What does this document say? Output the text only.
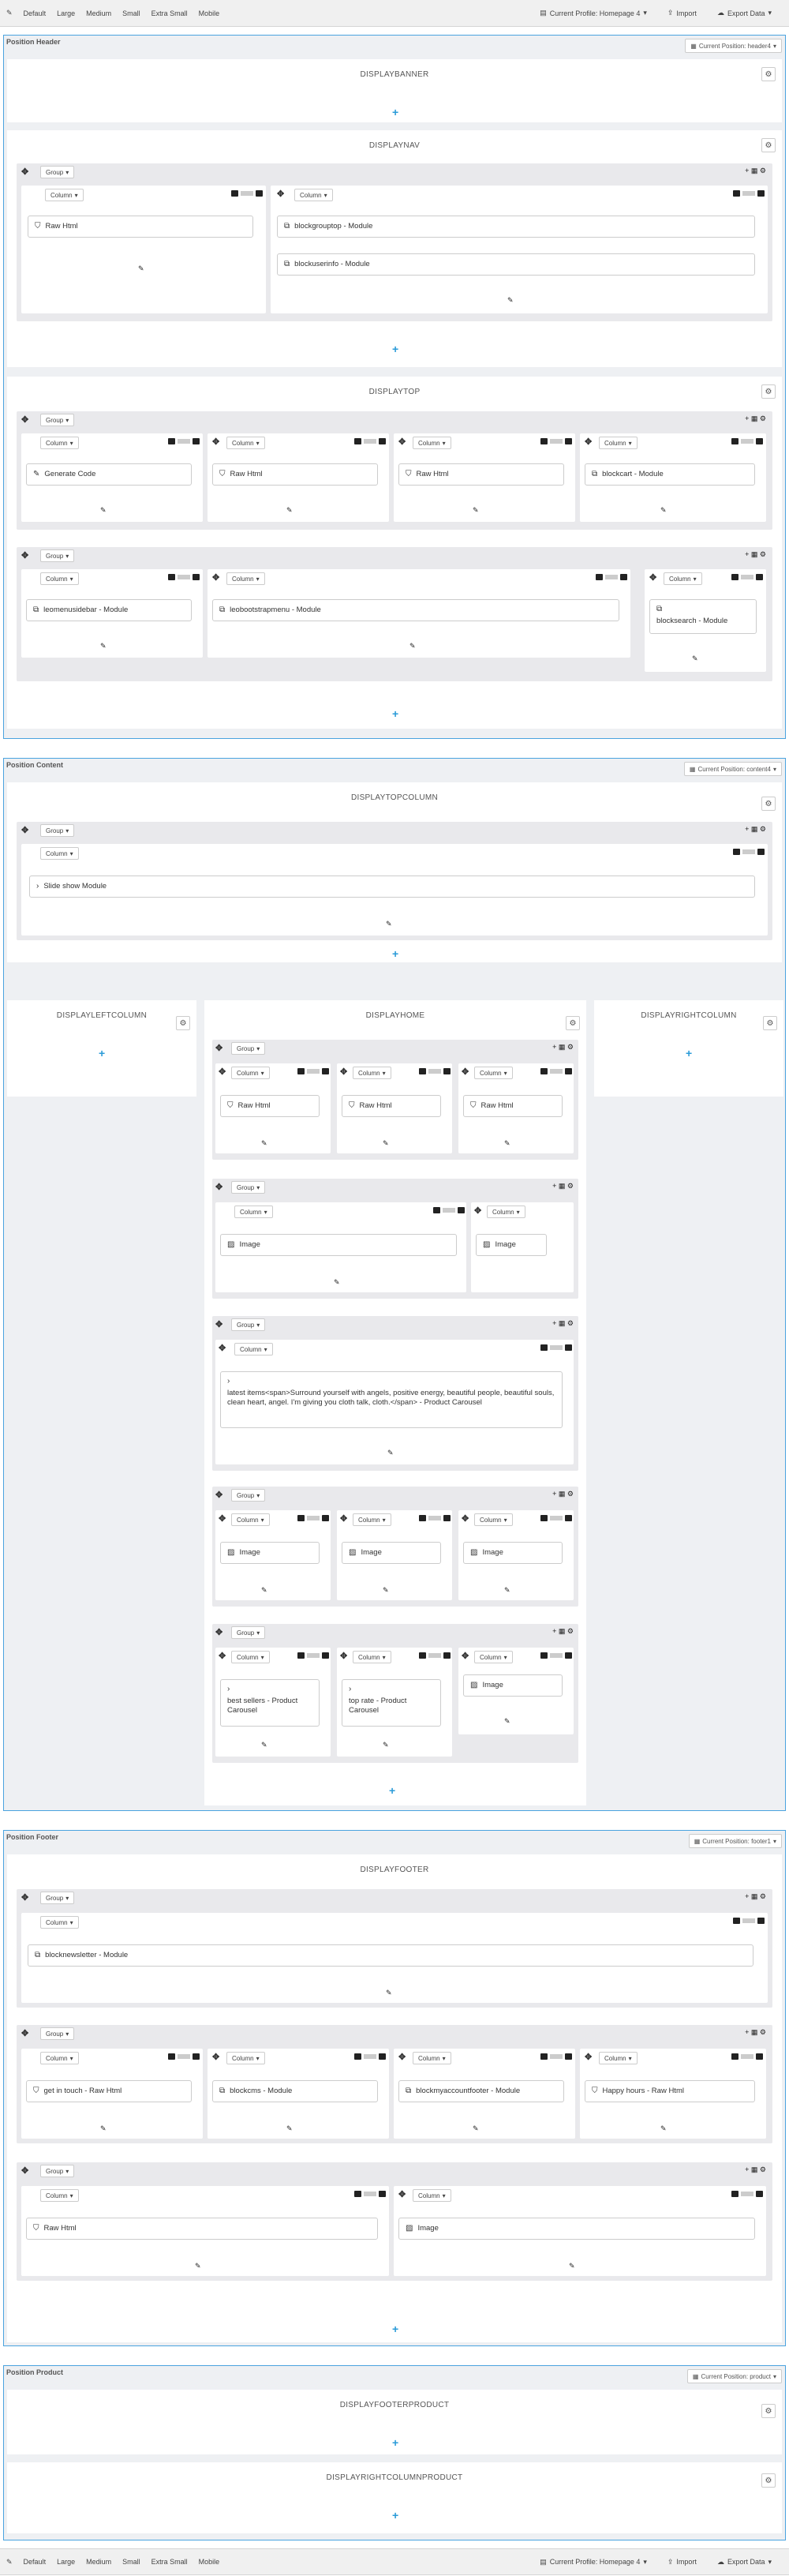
✎ Default Large Medium Small Extra Small Mobile	▤ Current Profile: Homepage 4 ▾	⇪ Import	☁ Export Data ▾
Position Header	▦ Current Position: header4 ▾
DISPLAYBANNER	⚙
+
DISPLAYNAV
✥	Group ▾	+ ▦ ⚙
Column ▾
⛉ Raw Html
✎
✥ Column ▾
⧉ blockgrouptop - Module
⧉ blockuserinfo - Module
✎
⚙
+
DISPLAYTOP	⚙
✥	Group ▾	+ ▦ ⚙
Column ▾
✎ Generate Code
✎
✥ Column ▾
⛉ Raw Html
✎
✥ Column ▾
⛉ Raw Html
✎
✥ Column ▾
⧉ blockcart - Module
✎
✥	Group ▾	+ ▦ ⚙
Column ▾
⧉ leomenusidebar - Module
✎
✥ Column ▾
⧉ leobootstrapmenu - Module
✎
✥ Column ▾
⧉
blocksearch - Module
✎
+
Position Content	▦ Current Position: content4 ▾
DISPLAYTOPCOLUMN
⚙
✥	Group ▾	+ ▦ ⚙
Column ▾
› Slide show Module
✎
+
DISPLAYLEFTCOLUMN
⚙
+
DISPLAYHOME
⚙
✥ Group ▾	+ ▦ ⚙
✥ Column ▾
⛉ Raw Html
✎
✥ Column ▾
⛉ Raw Html
✎
✥ Column ▾
⛉ Raw Html
✎
✥ Group ▾	+ ▦ ⚙
Column ▾
▨ Image
✎
✥ Column ▾
▨ Image
✥ Group ▾	+ ▦ ⚙
✥ Column ▾
›
latest items<span>Surround yourself with angels, positive energy, beautiful people, beautiful souls, clean heart, angel. I'm giving you cloth talk, cloth.</span> - Product Carousel
✎
✥ Group ▾	+ ▦ ⚙
✥ Column ▾
▨ Image
✎
✥ Column ▾
▨ Image
✎
✥ Column ▾
▨ Image
✎
✥ Group ▾	+ ▦ ⚙
✥ Column ▾
›
best sellers - Product Carousel
✎
✥ Column ▾
›
top rate - Product Carousel
✎
✥ Column ▾
▨ Image
✎
+
DISPLAYRIGHTCOLUMN
⚙
+
Position Footer	▦ Current Position: footer1 ▾
DISPLAYFOOTER
✥	Group ▾	+ ▦ ⚙
Column ▾
⧉ blocknewsletter - Module
✎
✥	Group ▾	+ ▦ ⚙
Column ▾
⛉ get in touch - Raw Html
✎
✥ Column ▾
⧉ blockcms - Module
✎
✥ Column ▾
⧉ blockmyaccountfooter - Module
✎
✥ Column ▾
⛉ Happy hours - Raw Html
✎
✥	Group ▾	+ ▦ ⚙
Column ▾
⛉ Raw Html
✎
✥ Column ▾
▨ Image
✎
+
Position Product	▦ Current Position: product ▾
DISPLAYFOOTERPRODUCT
⚙
+
DISPLAYRIGHTCOLUMNPRODUCT	⚙
+
✎ Default Large Medium Small Extra Small Mobile	▤ Current Profile: Homepage 4 ▾	⇪ Import	☁ Export Data ▾
